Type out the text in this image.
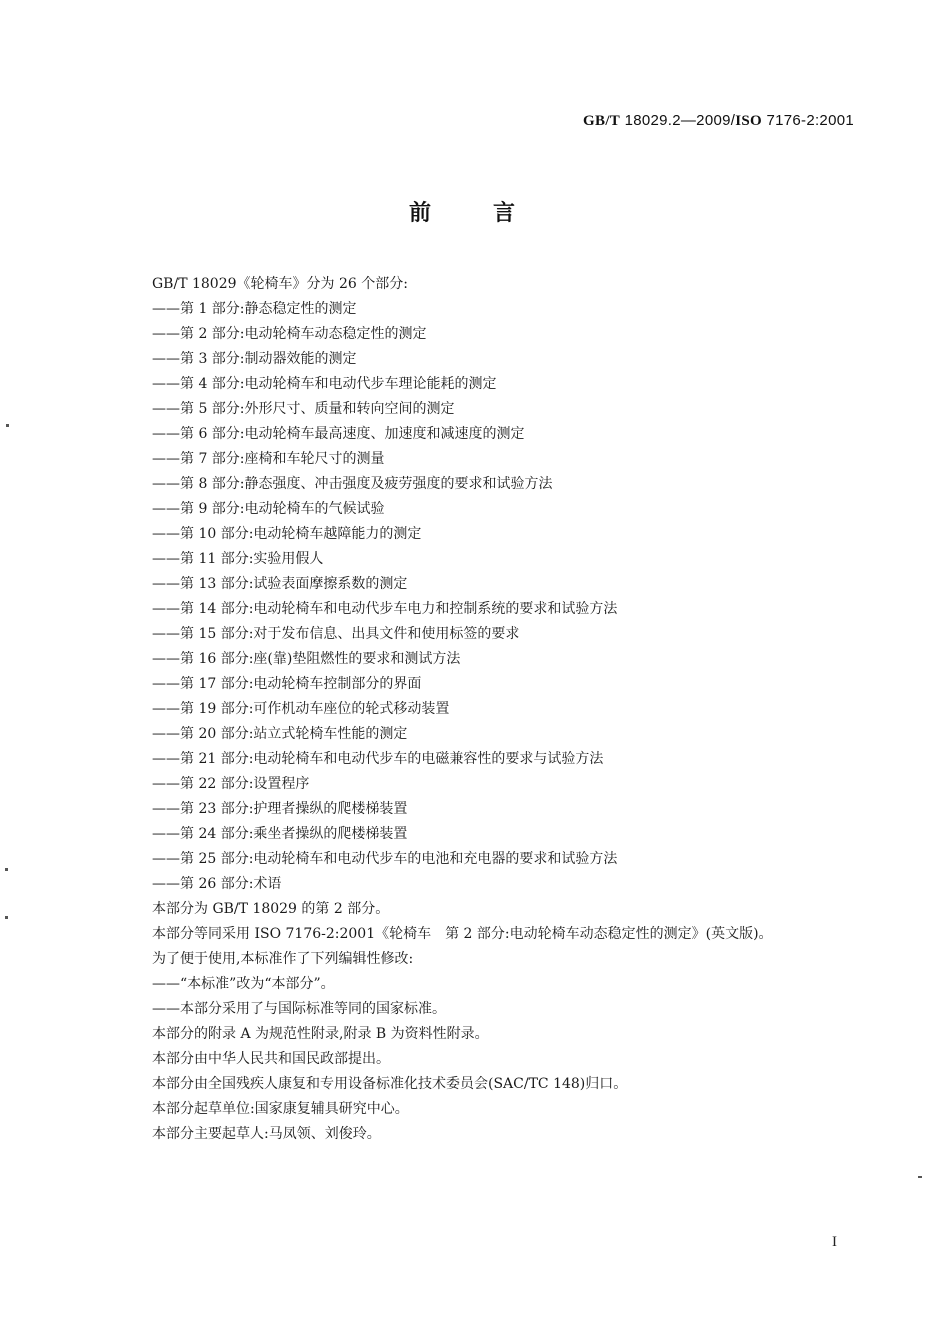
GB/T 18029.2—2009/ISO 7176-2:2001
前言
GB/T 18029《轮椅车》分为 26 个部分:
——第 1 部分:静态稳定性的测定
——第 2 部分:电动轮椅车动态稳定性的测定
——第 3 部分:制动器效能的测定
——第 4 部分:电动轮椅车和电动代步车理论能耗的测定
——第 5 部分:外形尺寸、质量和转向空间的测定
——第 6 部分:电动轮椅车最高速度、加速度和减速度的测定
——第 7 部分:座椅和车轮尺寸的测量
——第 8 部分:静态强度、冲击强度及疲劳强度的要求和试验方法
——第 9 部分:电动轮椅车的气候试验
——第 10 部分:电动轮椅车越障能力的测定
——第 11 部分:实验用假人
——第 13 部分:试验表面摩擦系数的测定
——第 14 部分:电动轮椅车和电动代步车电力和控制系统的要求和试验方法
——第 15 部分:对于发布信息、出具文件和使用标签的要求
——第 16 部分:座(靠)垫阻燃性的要求和测试方法
——第 17 部分:电动轮椅车控制部分的界面
——第 19 部分:可作机动车座位的轮式移动装置
——第 20 部分:站立式轮椅车性能的测定
——第 21 部分:电动轮椅车和电动代步车的电磁兼容性的要求与试验方法
——第 22 部分:设置程序
——第 23 部分:护理者操纵的爬楼梯装置
——第 24 部分:乘坐者操纵的爬楼梯装置
——第 25 部分:电动轮椅车和电动代步车的电池和充电器的要求和试验方法
——第 26 部分:术语
本部分为 GB/T 18029 的第 2 部分。
本部分等同采用 ISO 7176-2:2001《轮椅车　第 2 部分:电动轮椅车动态稳定性的测定》(英文版)。
为了便于使用,本标准作了下列编辑性修改:
——“本标准”改为“本部分”。
——本部分采用了与国际标准等同的国家标准。
本部分的附录 A 为规范性附录,附录 B 为资料性附录。
本部分由中华人民共和国民政部提出。
本部分由全国残疾人康复和专用设备标准化技术委员会(SAC/TC 148)归口。
本部分起草单位:国家康复辅具研究中心。
本部分主要起草人:马凤领、刘俊玲。
I
